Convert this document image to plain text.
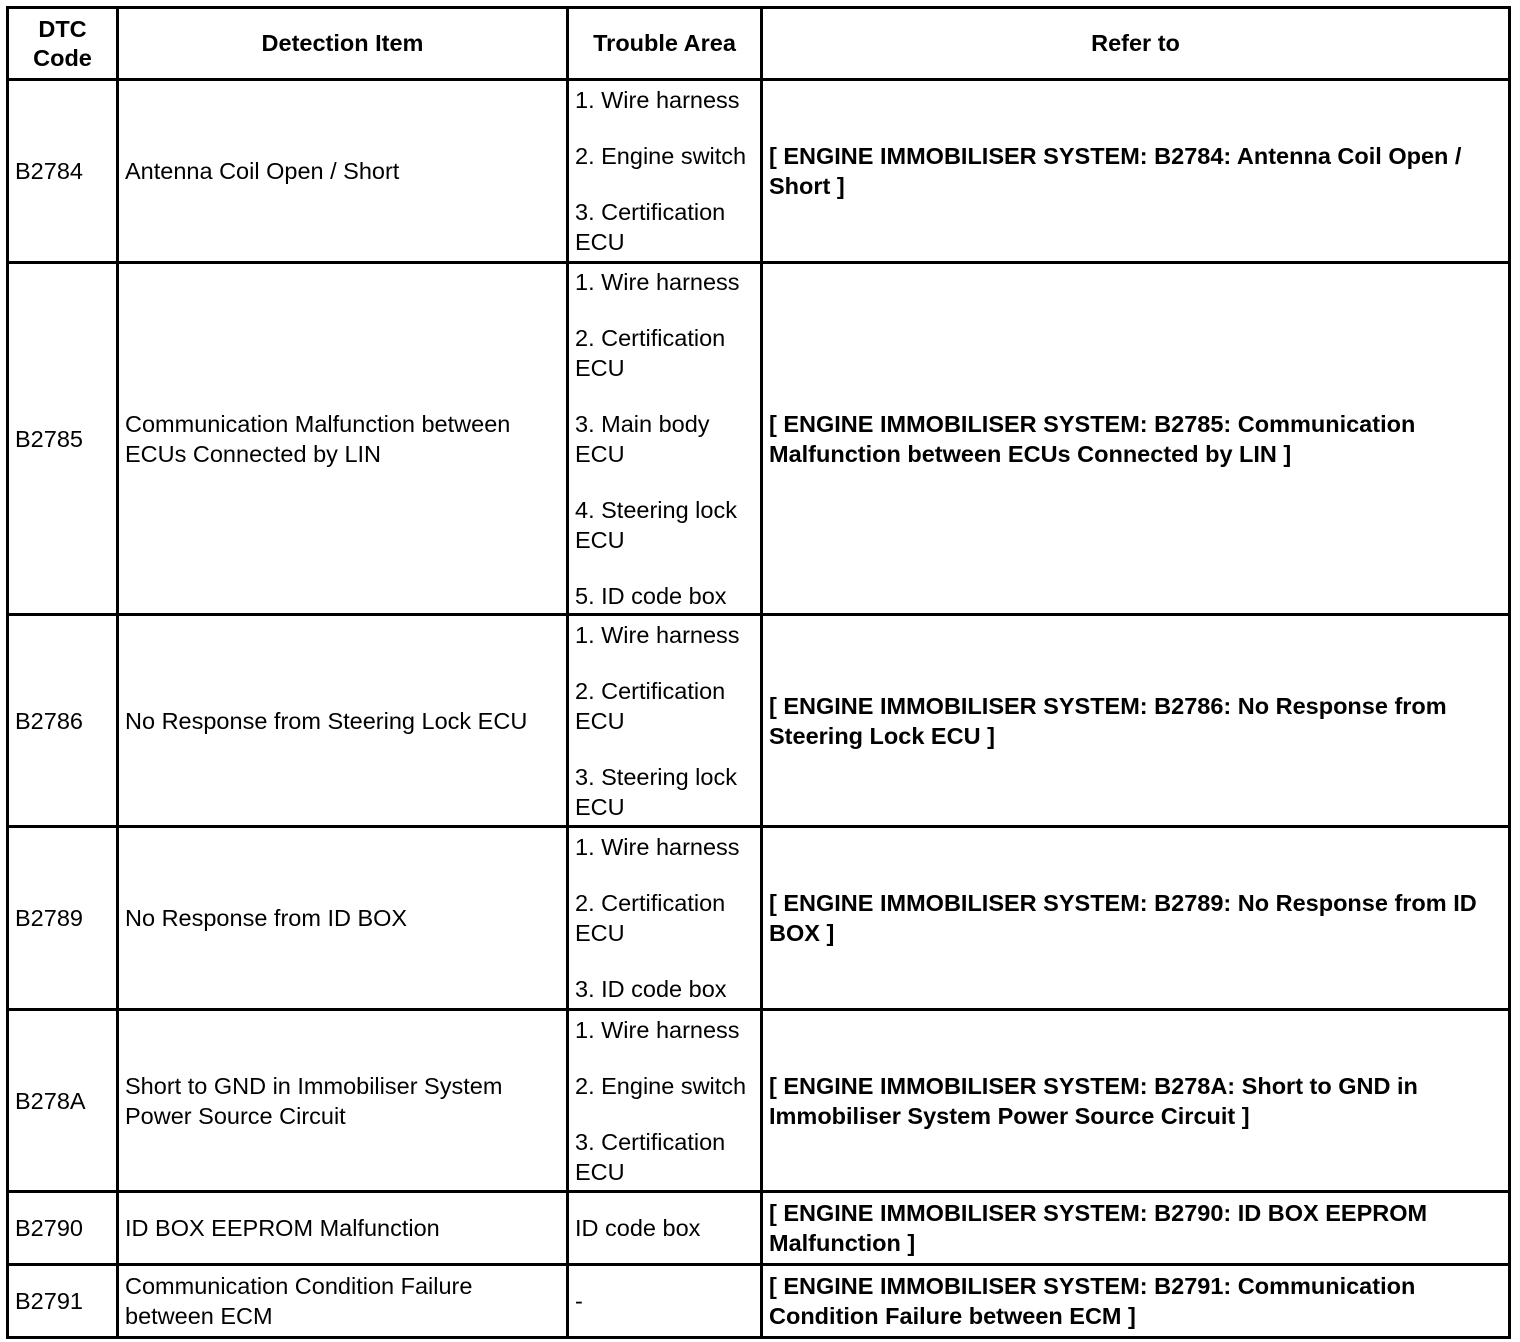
DTC Code	Detection Item	Trouble Area	Refer to
B2784	Antenna Coil Open / Short	1. Wire harness
2. Engine switch
3. Certification ECU	[ ENGINE IMMOBILISER SYSTEM: B2784: Antenna Coil Open / Short ]
B2785	Communication Malfunction between ECUs Connected by LIN	1. Wire harness
2. Certification ECU
3. Main body ECU
4. Steering lock ECU
5. ID code box	[ ENGINE IMMOBILISER SYSTEM: B2785: Communication Malfunction between ECUs Connected by LIN ]
B2786	No Response from Steering Lock ECU	1. Wire harness
2. Certification ECU
3. Steering lock ECU	[ ENGINE IMMOBILISER SYSTEM: B2786: No Response from Steering Lock ECU ]
B2789	No Response from ID BOX	1. Wire harness
2. Certification ECU
3. ID code box	[ ENGINE IMMOBILISER SYSTEM: B2789: No Response from ID BOX ]
B278A	Short to GND in Immobiliser System Power Source Circuit	1. Wire harness
2. Engine switch
3. Certification ECU	[ ENGINE IMMOBILISER SYSTEM: B278A: Short to GND in Immobiliser System Power Source Circuit ]
B2790	ID BOX EEPROM Malfunction	ID code box	[ ENGINE IMMOBILISER SYSTEM: B2790: ID BOX EEPROM Malfunction ]
B2791	Communication Condition Failure between ECM	-	[ ENGINE IMMOBILISER SYSTEM: B2791: Communication Condition Failure between ECM ]
